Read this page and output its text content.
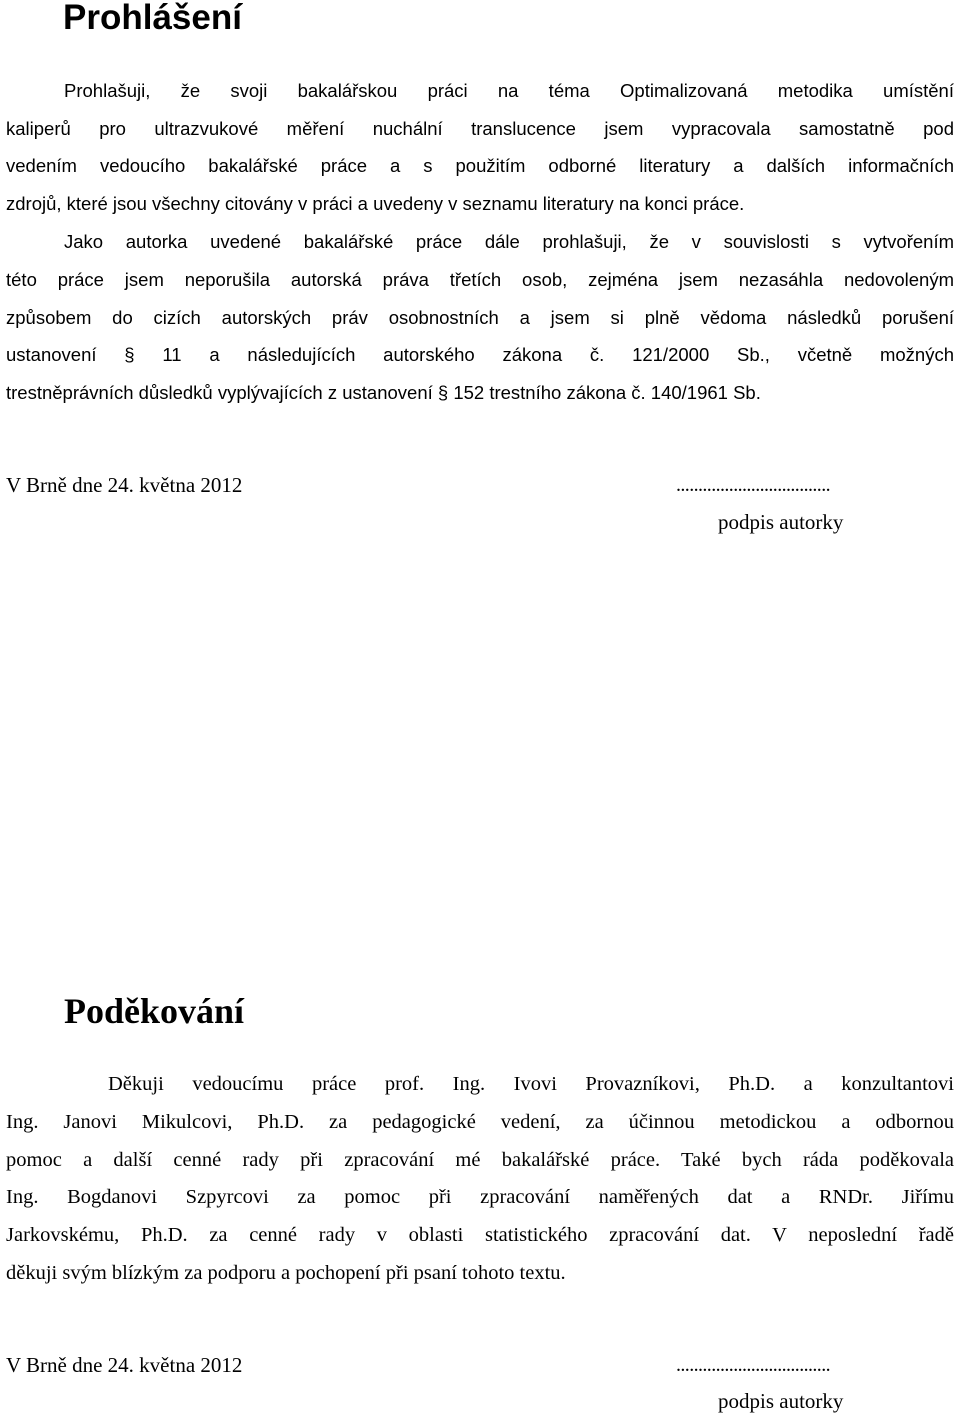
Prohlášení
Prohlašuji, že svoji bakalářskou práci na téma Optimalizovaná metodika umístění
kaliperů pro ultrazvukové měření nuchální translucence jsem vypracovala samostatně pod
vedením vedoucího bakalářské práce a s použitím odborné literatury a dalších informačních
zdrojů, které jsou všechny citovány v práci a uvedeny v seznamu literatury na konci práce.
Jako autorka uvedené bakalářské práce dále prohlašuji, že v souvislosti s vytvořením
této práce jsem neporušila autorská práva třetích osob, zejména jsem nezasáhla nedovoleným
způsobem do cizích autorských práv osobnostních a jsem si plně vědoma následků porušení
ustanovení § 11 a následujících autorského zákona č. 121/2000 Sb., včetně možných
trestněprávních důsledků vyplývajících z ustanovení § 152 trestního zákona č. 140/1961 Sb.
V Brně dne 24. května 2012	...................................
podpis autorky
Poděkování
Děkuji vedoucímu práce prof. Ing. Ivovi Provazníkovi, Ph.D. a konzultantovi
Ing. Janovi Mikulcovi, Ph.D. za pedagogické vedení, za účinnou metodickou a odbornou
pomoc a další cenné rady při zpracování mé bakalářské práce. Také bych ráda poděkovala
Ing. Bogdanovi Szpyrcovi za pomoc při zpracování naměřených dat a RNDr. Jiřímu
Jarkovskému, Ph.D. za cenné rady v oblasti statistického zpracování dat. V neposlední řadě
děkuji svým blízkým za podporu a pochopení při psaní tohoto textu.
V Brně dne 24. května 2012	...................................
podpis autorky
